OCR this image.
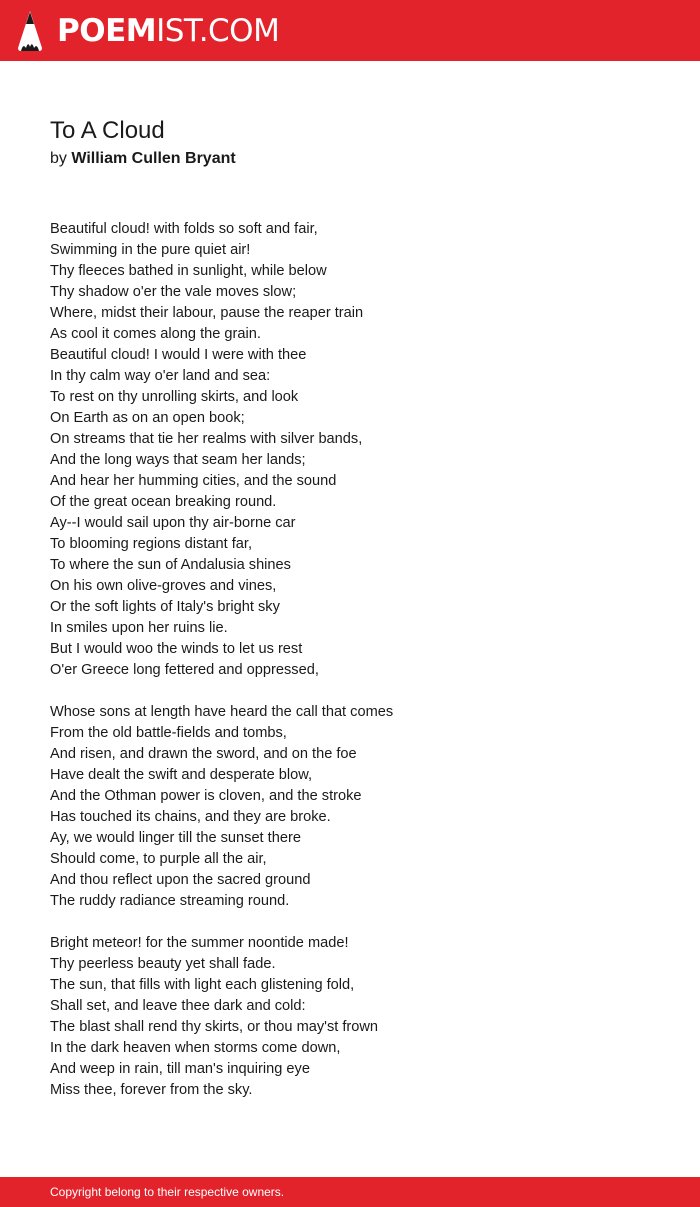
POEMIST.COM
To A Cloud
by William Cullen Bryant
Beautiful cloud! with folds so soft and fair,
Swimming in the pure quiet air!
Thy fleeces bathed in sunlight, while below
Thy shadow o'er the vale moves slow;
Where, midst their labour, pause the reaper train
As cool it comes along the grain.
Beautiful cloud! I would I were with thee
In thy calm way o'er land and sea:
To rest on thy unrolling skirts, and look
On Earth as on an open book;
On streams that tie her realms with silver bands,
And the long ways that seam her lands;
And hear her humming cities, and the sound
Of the great ocean breaking round.
Ay--I would sail upon thy air-borne car
To blooming regions distant far,
To where the sun of Andalusia shines
On his own olive-groves and vines,
Or the soft lights of Italy's bright sky
In smiles upon her ruins lie.
But I would woo the winds to let us rest
O'er Greece long fettered and oppressed,
Whose sons at length have heard the call that comes
From the old battle-fields and tombs,
And risen, and drawn the sword, and on the foe
Have dealt the swift and desperate blow,
And the Othman power is cloven, and the stroke
Has touched its chains, and they are broke.
Ay, we would linger till the sunset there
Should come, to purple all the air,
And thou reflect upon the sacred ground
The ruddy radiance streaming round.
Bright meteor! for the summer noontide made!
Thy peerless beauty yet shall fade.
The sun, that fills with light each glistening fold,
Shall set, and leave thee dark and cold:
The blast shall rend thy skirts, or thou may'st frown
In the dark heaven when storms come down,
And weep in rain, till man's inquiring eye
Miss thee, forever from the sky.
Copyright belong to their respective owners.
